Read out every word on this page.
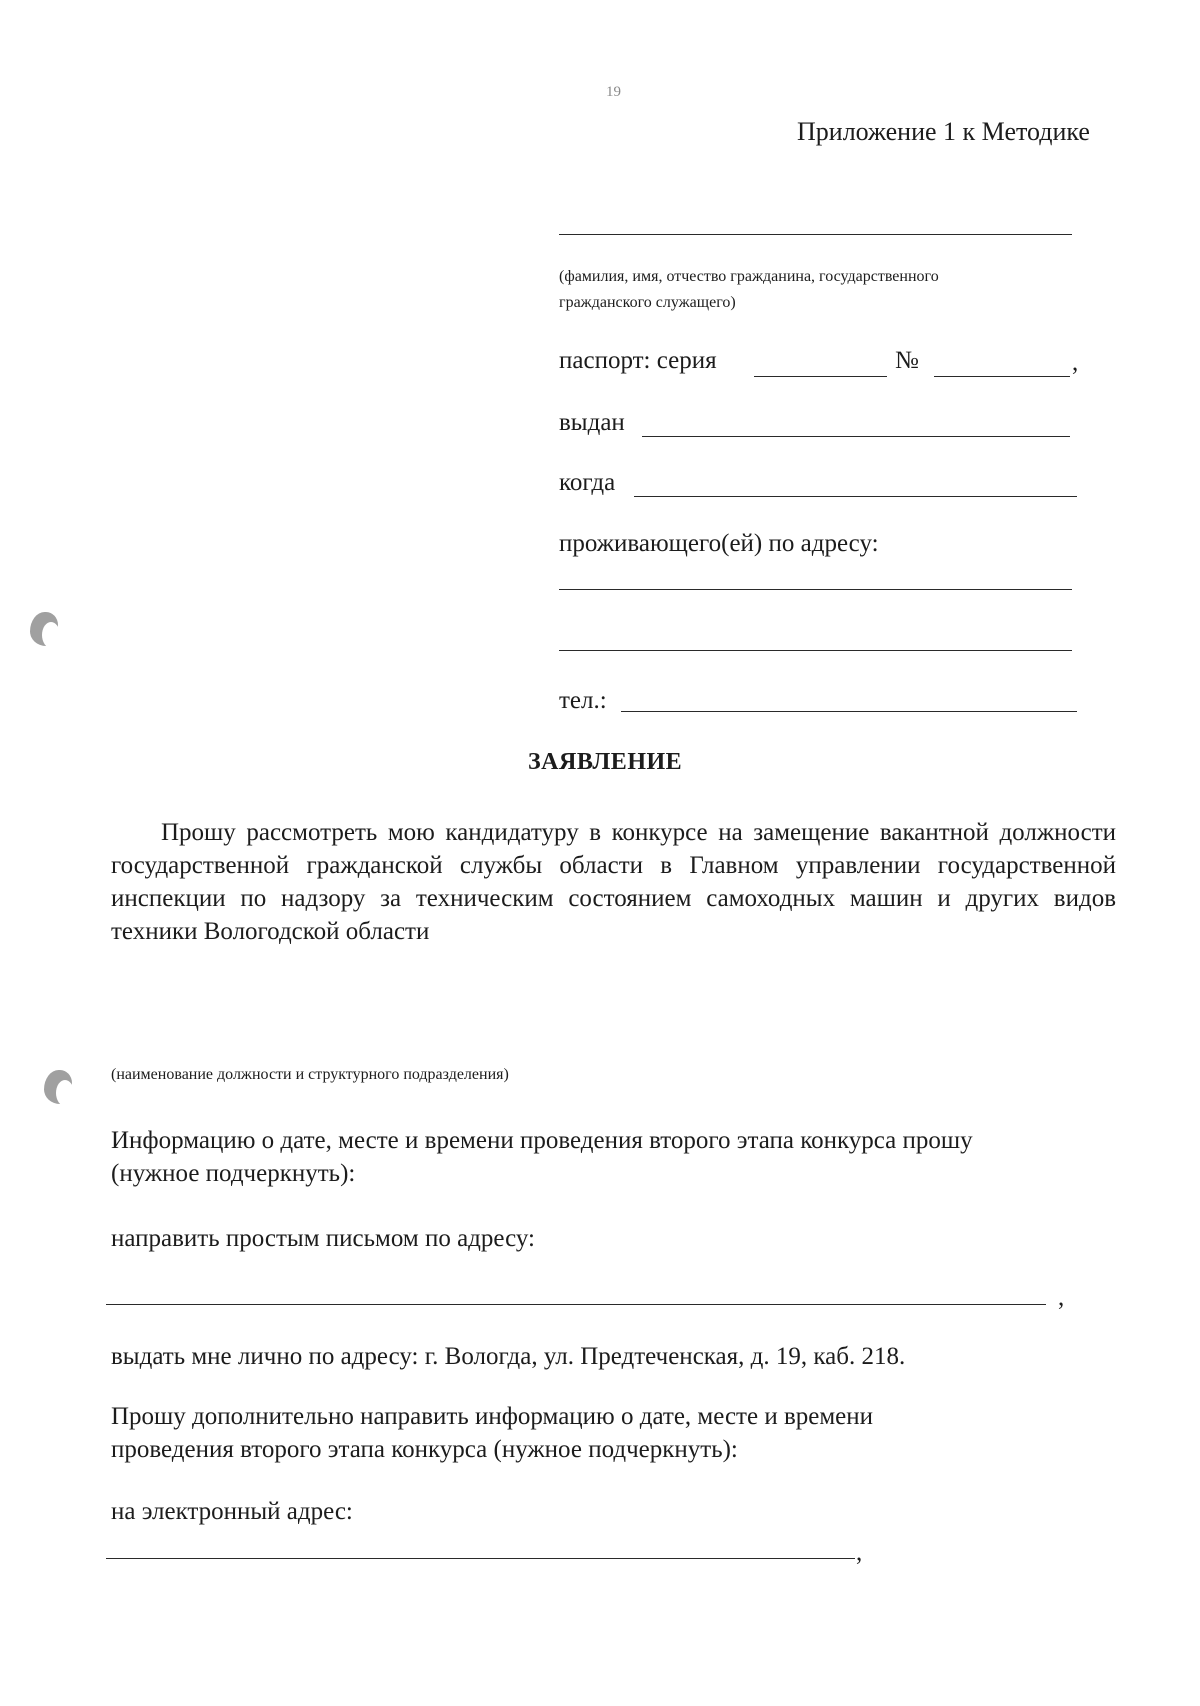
19
Приложение 1 к Методике
(фамилия, имя, отчество гражданина, государственного
гражданского служащего)
паспорт: серия	№	,
выдан
когда
проживающего(ей) по адресу:
тел.:
ЗАЯВЛЕНИЕ
Прошу рассмотреть мою кандидатуру в конкурсе на замещение вакантной должности государственной гражданской службы области в Главном управлении государственной инспекции по надзору за техническим состоянием самоходных машин и других видов техники Вологодской области
(наименование должности и структурного подразделения)
Информацию о дате, месте и времени проведения второго этапа конкурса прошу
(нужное подчеркнуть):
направить простым письмом по адресу:
,
выдать мне лично по адресу: г. Вологда, ул. Предтеченская, д. 19, каб. 218.
Прошу дополнительно направить информацию о дате, месте и времени
проведения второго этапа конкурса (нужное подчеркнуть):
на электронный адрес:
,
